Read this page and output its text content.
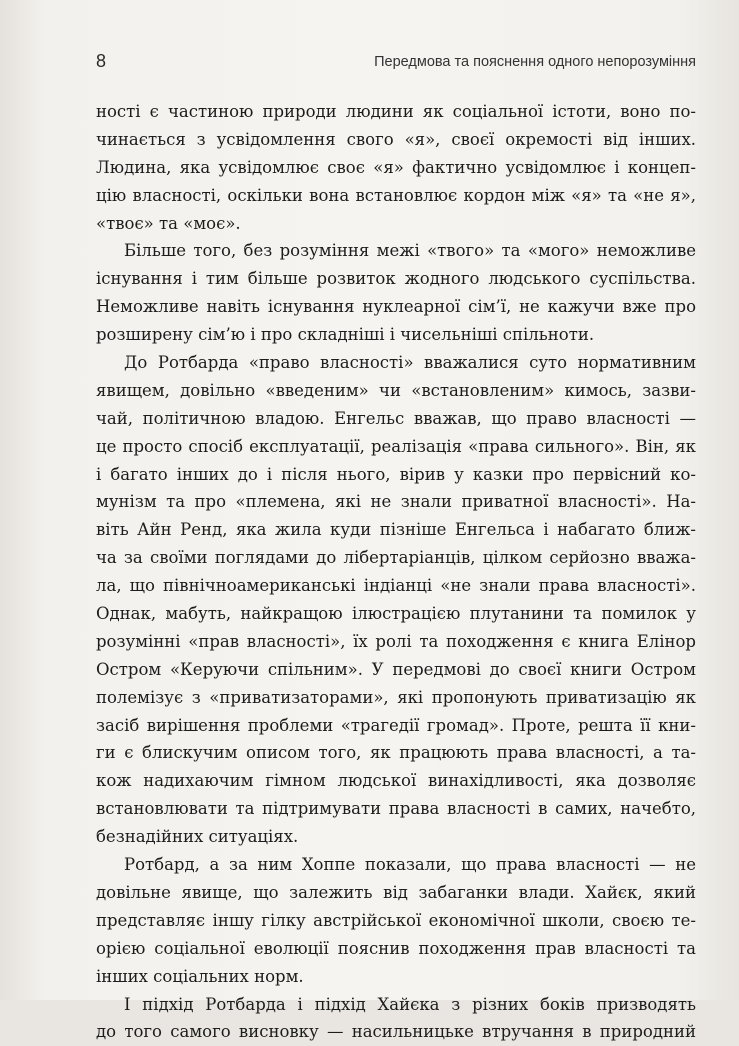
8	Передмова та пояснення одного непорозуміння
ності є частиною природи людини як соціальної істоти, воно по-
чинається з усвідомлення свого «я», своєї окремості від інших.
Людина, яка усвідомлює своє «я» фактично усвідомлює і концеп-
цію власності, оскільки вона встановлює кордон між «я» та «не я»,
«твоє» та «моє».
Більше того, без розуміння межі «твого» та «мого» неможливе
існування і тим більше розвиток жодного людського суспільства.
Неможливе навіть існування нуклеарної сім’ї, не кажучи вже про
розширену сім’ю і про складніші і чисельніші спільноти.
До Ротбарда «право власності» вважалися суто нормативним
явищем, довільно «введеним» чи «встановленим» кимось, зазви-
чай, політичною владою. Енгельс вважав, що право власності —
це просто спосіб експлуатації, реалізація «права сильного». Він, як
і багато інших до і після нього, вірив у казки про первісний ко-
мунізм та про «племена, які не знали приватної власності». На-
віть Айн Ренд, яка жила куди пізніше Енгельса і набагато ближ-
ча за своїми поглядами до лібертаріанців, цілком серйозно вважа-
ла, що північноамериканські індіанці «не знали права власності».
Однак, мабуть, найкращою ілюстрацією плутанини та помилок у
розумінні «прав власності», їх ролі та походження є книга Елінор
Остром «Керуючи спільним». У передмові до своєї книги Остром
полемізує з «приватизаторами», які пропонують приватизацію як
засіб вирішення проблеми «трагедії громад». Проте, решта її кни-
ги є блискучим описом того, як працюють права власності, а та-
кож надихаючим гімном людської винахідливості, яка дозволяє
встановлювати та підтримувати права власності в самих, начебто,
безнадійних ситуаціях.
Ротбард, а за ним Хоппе показали, що права власності — не
довільне явище, що залежить від забаганки влади. Хайєк, який
представляє іншу гілку австрійської економічної школи, своєю те-
орією соціальної еволюції пояснив походження прав власності та
інших соціальних норм.
І підхід Ротбарда і підхід Хайєка з різних боків призводять
до того самого висновку — насильницьке втручання в природний
